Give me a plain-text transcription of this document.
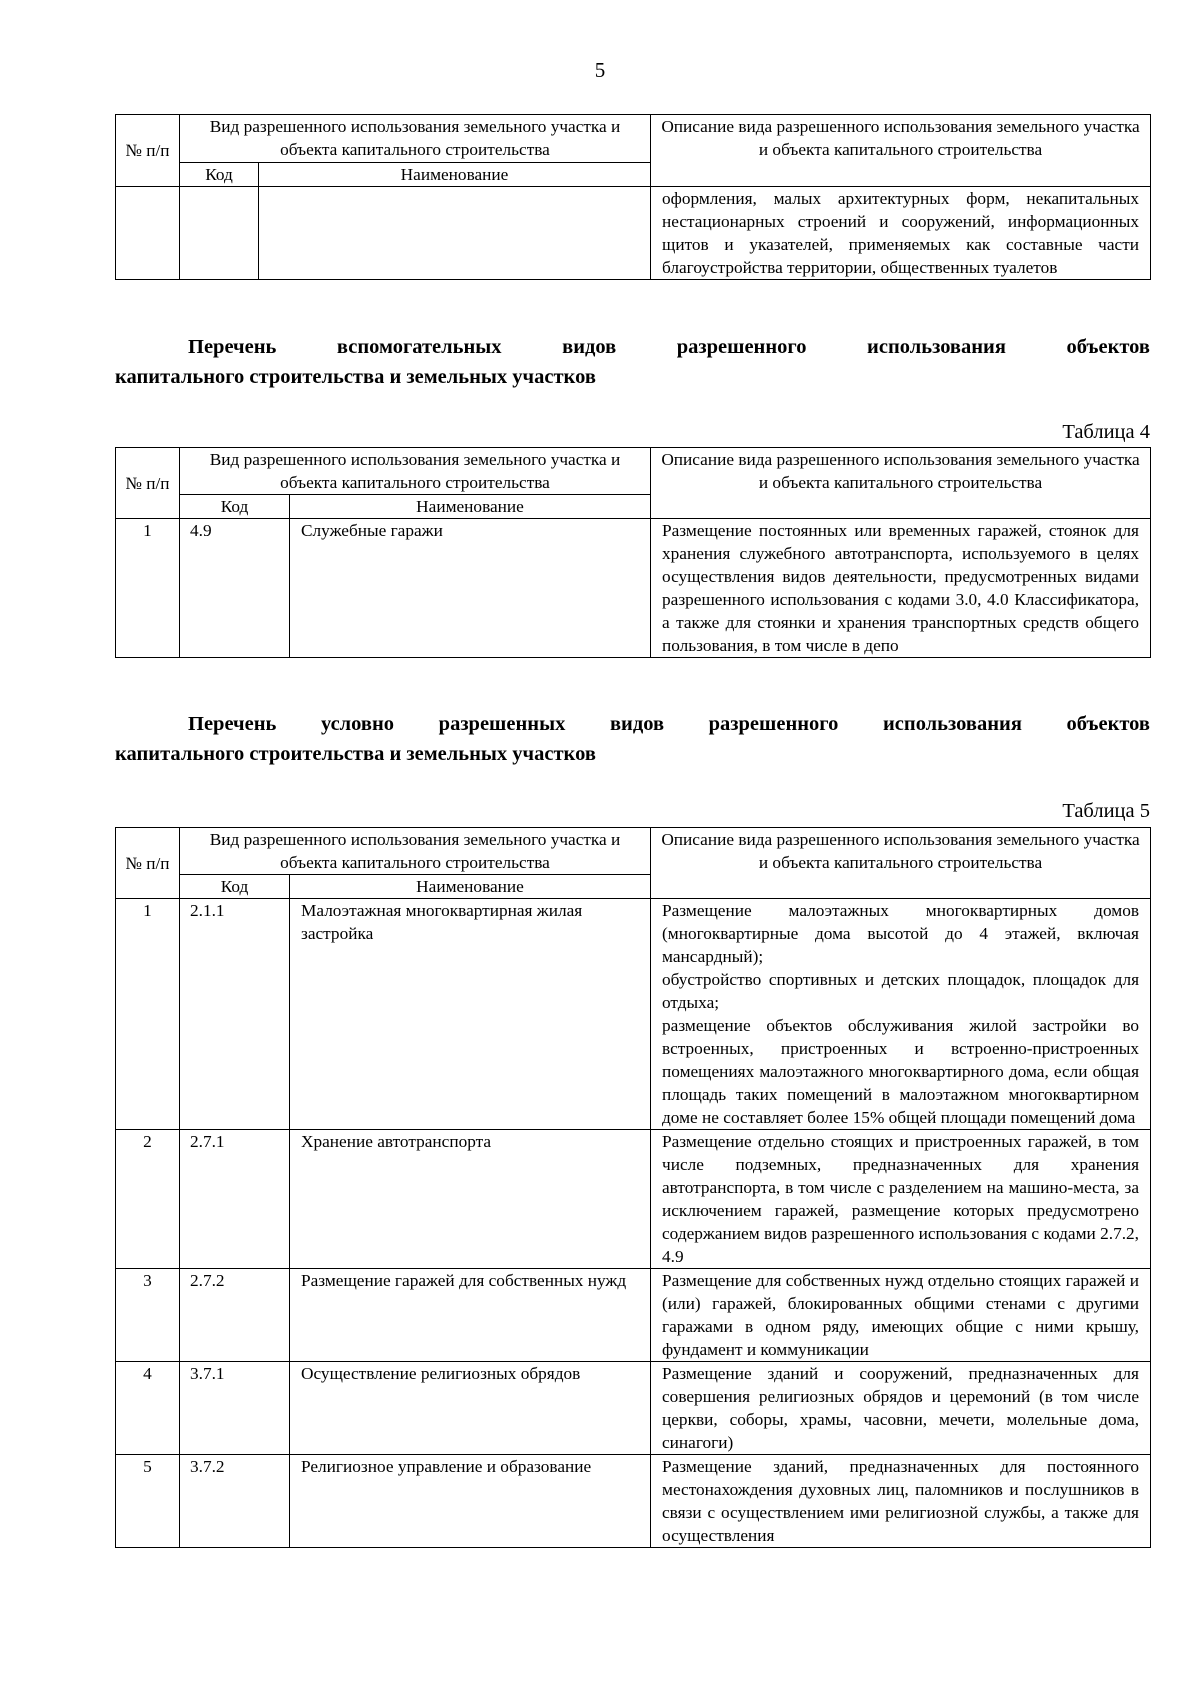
5
№ п/п	Вид разрешенного использования земельного участка и объекта капитального строительства		Описание вида разрешенного использования земельного участка и объекта капитального строительства
	Код	Наименование	
			оформления, малых архитектурных форм, некапитальных нестационарных строений и сооружений, информационных щитов и указателей, применяемых как составные части благоустройства территории, общественных туалетов
Перечень вспомогательных видов разрешенного использования объектов
капитального строительства и земельных участков
Таблица 4
№ п/п	Вид разрешенного использования земельного участка и объекта капитального строительства		Описание вида разрешенного использования земельного участка и объекта капитального строительства
	Код	Наименование	
1	4.9	Служебные гаражи	Размещение постоянных или временных гаражей, стоянок для хранения служебного автотранспорта, используемого в целях осуществления видов деятельности, предусмотренных видами разрешенного использования с кодами 3.0, 4.0 Классификатора, а также для стоянки и хранения транспортных средств общего пользования, в том числе в депо
Перечень условно разрешенных видов разрешенного использования объектов
капитального строительства и земельных участков
Таблица 5
№ п/п	Вид разрешенного использования земельного участка и объекта капитального строительства		Описание вида разрешенного использования земельного участка и объекта капитального строительства
	Код	Наименование	
1	2.1.1	Малоэтажная многоквартирная жилая застройка	Размещение малоэтажных многоквартирных домов (многоквартирные дома высотой до 4 этажей, включая мансардный);
обустройство спортивных и детских площадок, площадок для отдыха;
размещение объектов обслуживания жилой застройки во встроенных, пристроенных и встроенно-пристроенных помещениях малоэтажного многоквартирного дома, если общая площадь таких помещений в малоэтажном многоквартирном доме не составляет более 15% общей площади помещений дома

2	2.7.1	Хранение автотранспорта	Размещение отдельно стоящих и пристроенных гаражей, в том числе подземных, предназначенных для хранения автотранспорта, в том числе с разделением на машино-места, за исключением гаражей, размещение которых предусмотрено содержанием видов разрешенного использования с кодами 2.7.2, 4.9
3	2.7.2	Размещение гаражей для собственных нужд	Размещение для собственных нужд отдельно стоящих гаражей и (или) гаражей, блокированных общими стенами с другими гаражами в одном ряду, имеющих общие с ними крышу, фундамент и коммуникации
4	3.7.1	Осуществление религиозных обрядов	Размещение зданий и сооружений, предназначенных для совершения религиозных обрядов и церемоний (в том числе церкви, соборы, храмы, часовни, мечети, молельные дома, синагоги)
5	3.7.2	Религиозное управление и образование	Размещение зданий, предназначенных для постоянного местонахождения духовных лиц, паломников и послушников в связи с осуществлением ими религиозной службы, а также для осуществления
